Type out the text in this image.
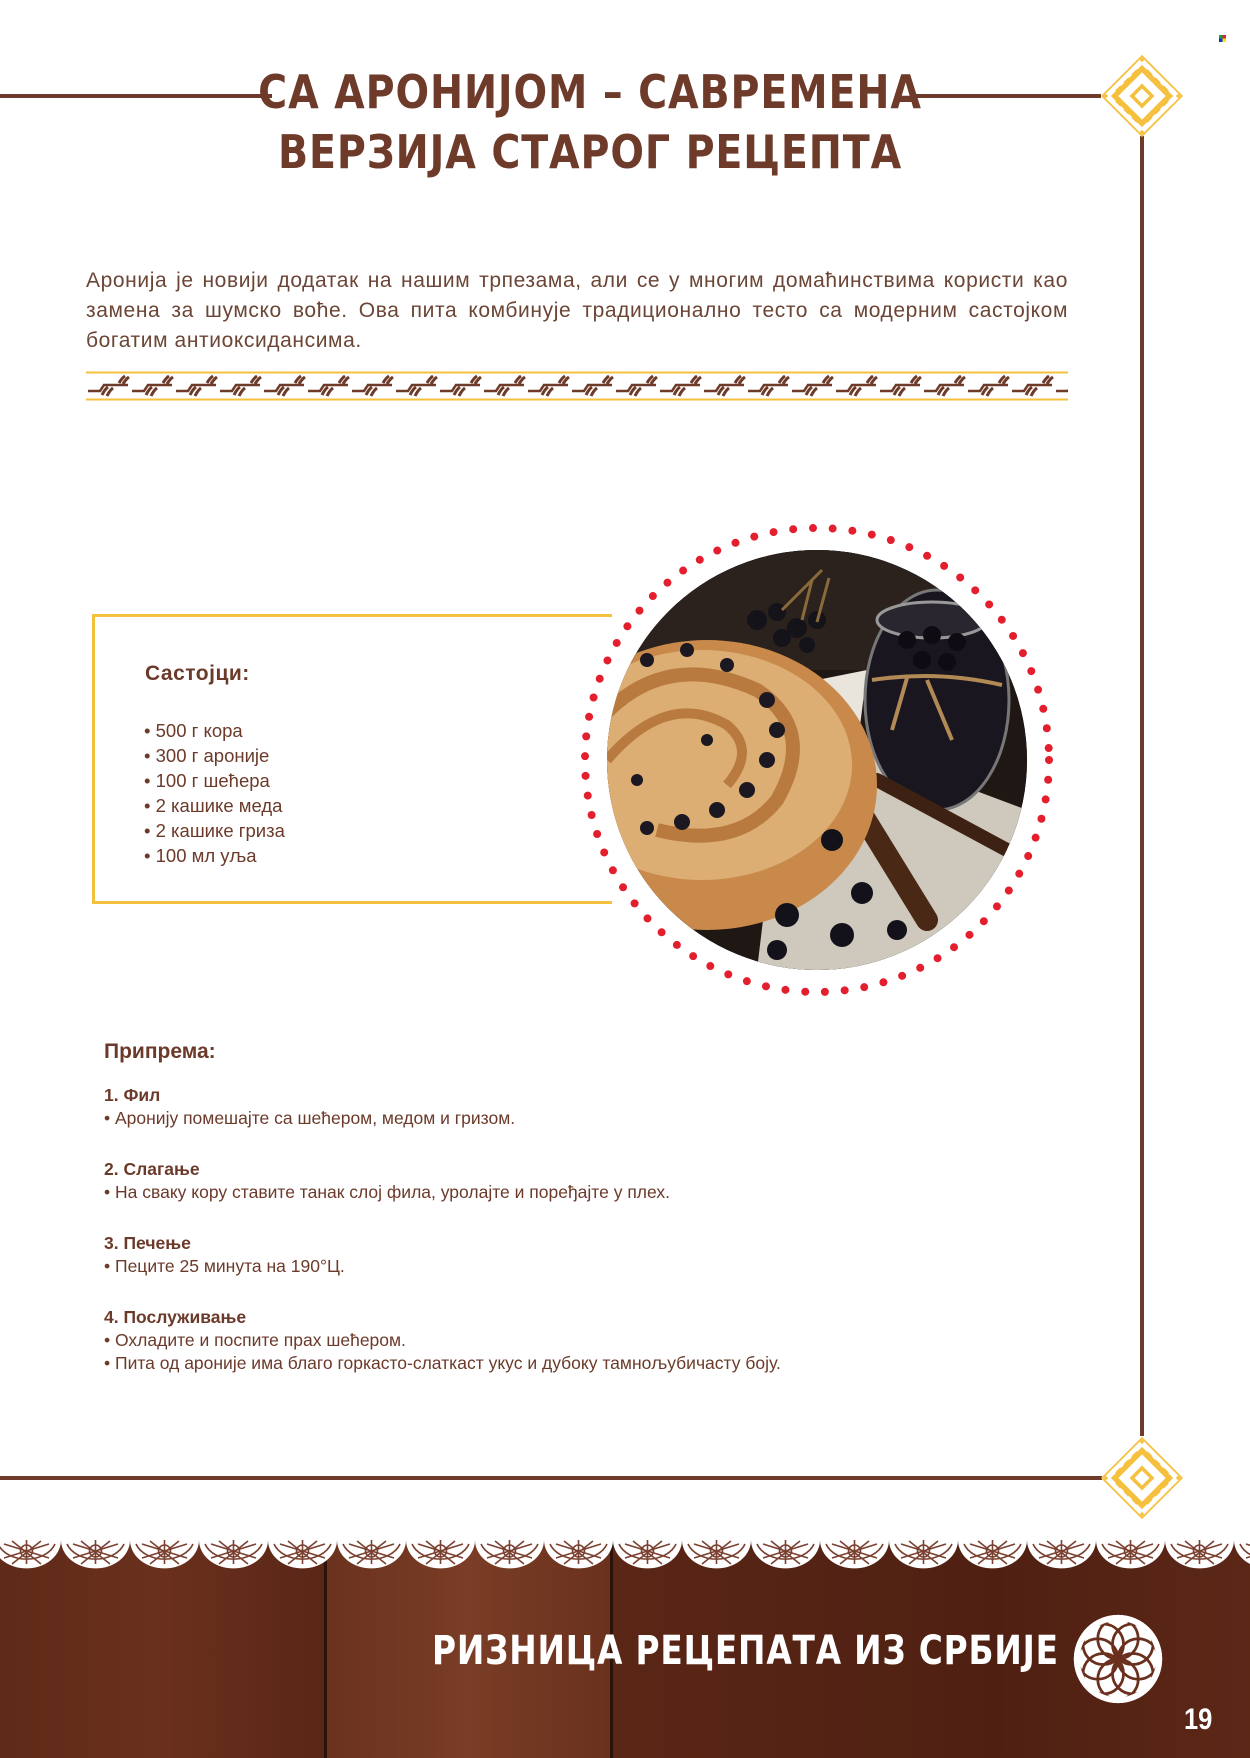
СА АРОНИЈОМ – САВРЕМЕНА
ВЕРЗИЈА СТАРОГ РЕЦЕПТА

Аронија је новији додатак на нашим трпезама, али се у многим домаћинствима користи као замена за шумско воће. Ова пита комбинује традиционално тесто са модерним састојком богатим антиоксидансима.

Састојци:
• 500 г кора
• 300 г ароније
• 100 г шећера
• 2 кашике меда
• 2 кашике гриза
• 100 мл уља
Припрема:
1. Фил
• Аронију помешајте са шећером, медом и гризом.
2. Слагање
• На сваку кору ставите танак слој фила, уролајте и поређајте у плех.
3. Печење
• Пеците 25 минута на 190°Ц.
4. Послуживање
• Охладите и поспите прах шећером.
• Пита од ароније има благо горкасто-слаткаст укус и дубоку тамнољубичасту боју.
РИЗНИЦА РЕЦЕПАТА ИЗ СРБИЈЕ
19
